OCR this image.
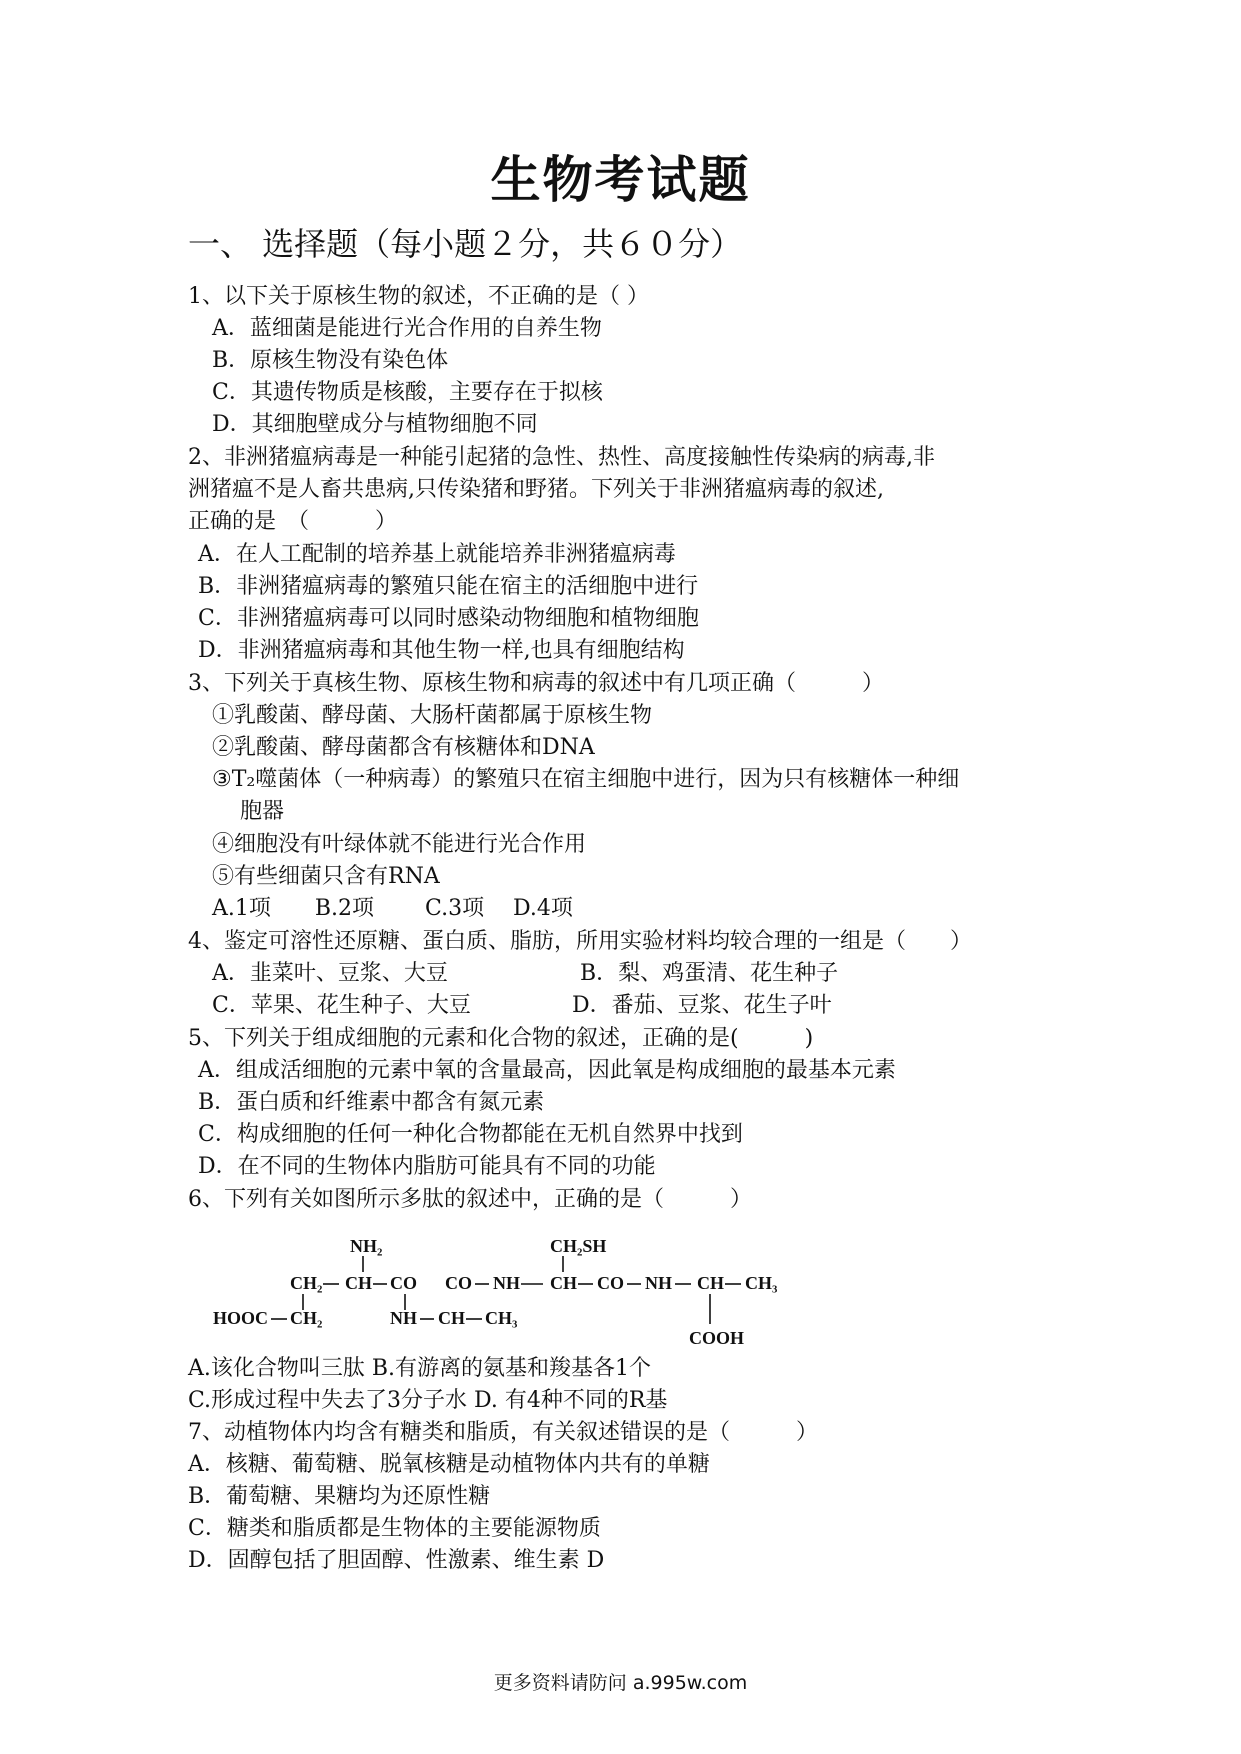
生物考试题
一、 选择题（每小题２分，共６０分）
1、以下关于原核生物的叙述，不正确的是（ ）
A．蓝细菌是能进行光合作用的自养生物
B．原核生物没有染色体
C．其遗传物质是核酸，主要存在于拟核
D．其细胞壁成分与植物细胞不同
2、非洲猪瘟病毒是一种能引起猪的急性、热性、高度接触性传染病的病毒,非
洲猪瘟不是人畜共患病,只传染猪和野猪。下列关于非洲猪瘟病毒的叙述,
正确的是　（　　　）
A．在人工配制的培养基上就能培养非洲猪瘟病毒
B．非洲猪瘟病毒的繁殖只能在宿主的活细胞中进行
C．非洲猪瘟病毒可以同时感染动物细胞和植物细胞
D．非洲猪瘟病毒和其他生物一样,也具有细胞结构
3、下列关于真核生物、原核生物和病毒的叙述中有几项正确（　　　）
①乳酸菌、酵母菌、大肠杆菌都属于原核生物
②乳酸菌、酵母菌都含有核糖体和DNA
③T₂噬菌体（一种病毒）的繁殖只在宿主细胞中进行，因为只有核糖体一种细
胞器
④细胞没有叶绿体就不能进行光合作用
⑤有些细菌只含有RNA
A.1项　　B.2项　　 C.3项　 D.4项
4、鉴定可溶性还原糖、蛋白质、脂肪，所用实验材料均较合理的一组是（　　）
A．韭菜叶、豆浆、大豆	B．梨、鸡蛋清、花生种子
C．苹果、花生种子、大豆	D．番茄、豆浆、花生子叶
5、下列关于组成细胞的元素和化合物的叙述，正确的是(　　　)
A．组成活细胞的元素中氧的含量最高，因此氧是构成细胞的最基本元素
B．蛋白质和纤维素中都含有氮元素
C．构成细胞的任何一种化合物都能在无机自然界中找到
D．在不同的生物体内脂肪可能具有不同的功能
6、下列有关如图所示多肽的叙述中，正确的是（　　　）
A.该化合物叫三肽 B.有游离的氨基和羧基各1个
C.形成过程中失去了3分子水 D. 有4种不同的R基
7、动植物体内均含有糖类和脂质，有关叙述错误的是（　　　）
A．核糖、葡萄糖、脱氧核糖是动植物体内共有的单糖
B．葡萄糖、果糖均为还原性糖
C．糖类和脂质都是生物体的主要能源物质
D．固醇包括了胆固醇、性激素、维生素 D
NH₂	CH₂SH
CH₂ CH CO CO NH CH CO NH CH CH₃
HOOC CH₂	NH CH CH₃
COOH
更多资料请防问 a.995w.com
